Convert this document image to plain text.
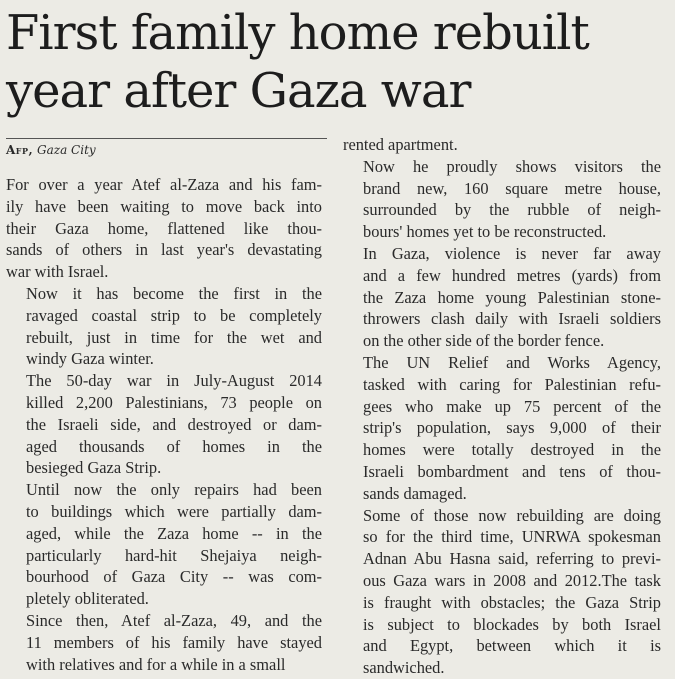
First family home rebuilt
year after Gaza war
Afp, Gaza City

For over a year Atef al-Zaza and his fam-
ily have been waiting to move back into
their Gaza home, flattened like thou-
sands of others in last year's devastating
war with Israel.

Now it has become the first in the
ravaged coastal strip to be completely
rebuilt, just in time for the wet and
windy Gaza winter.

The 50-day war in July-August 2014
killed 2,200 Palestinians, 73 people on
the Israeli side, and destroyed or dam-
aged thousands of homes in the
besieged Gaza Strip.

Until now the only repairs had been
to buildings which were partially dam-
aged, while the Zaza home -- in the
particularly hard-hit Shejaiya neigh-
bourhood of Gaza City -- was com-
pletely obliterated.

Since then, Atef al-Zaza, 49, and the
11 members of his family have stayed
with relatives and for a while in a small

rented apartment.

Now he proudly shows visitors the
brand new, 160 square metre house,
surrounded by the rubble of neigh-
bours' homes yet to be reconstructed.

In Gaza, violence is never far away
and a few hundred metres (yards) from
the Zaza home young Palestinian stone-
throwers clash daily with Israeli soldiers
on the other side of the border fence.

The UN Relief and Works Agency,
tasked with caring for Palestinian refu-
gees who make up 75 percent of the
strip's population, says 9,000 of their
homes were totally destroyed in the
Israeli bombardment and tens of thou-
sands damaged.

Some of those now rebuilding are doing
so for the third time, UNRWA spokesman
Adnan Abu Hasna said, referring to previ-
ous Gaza wars in 2008 and 2012.The task
is fraught with obstacles; the Gaza Strip
is subject to blockades by both Israel
and Egypt, between which it is
sandwiched.
